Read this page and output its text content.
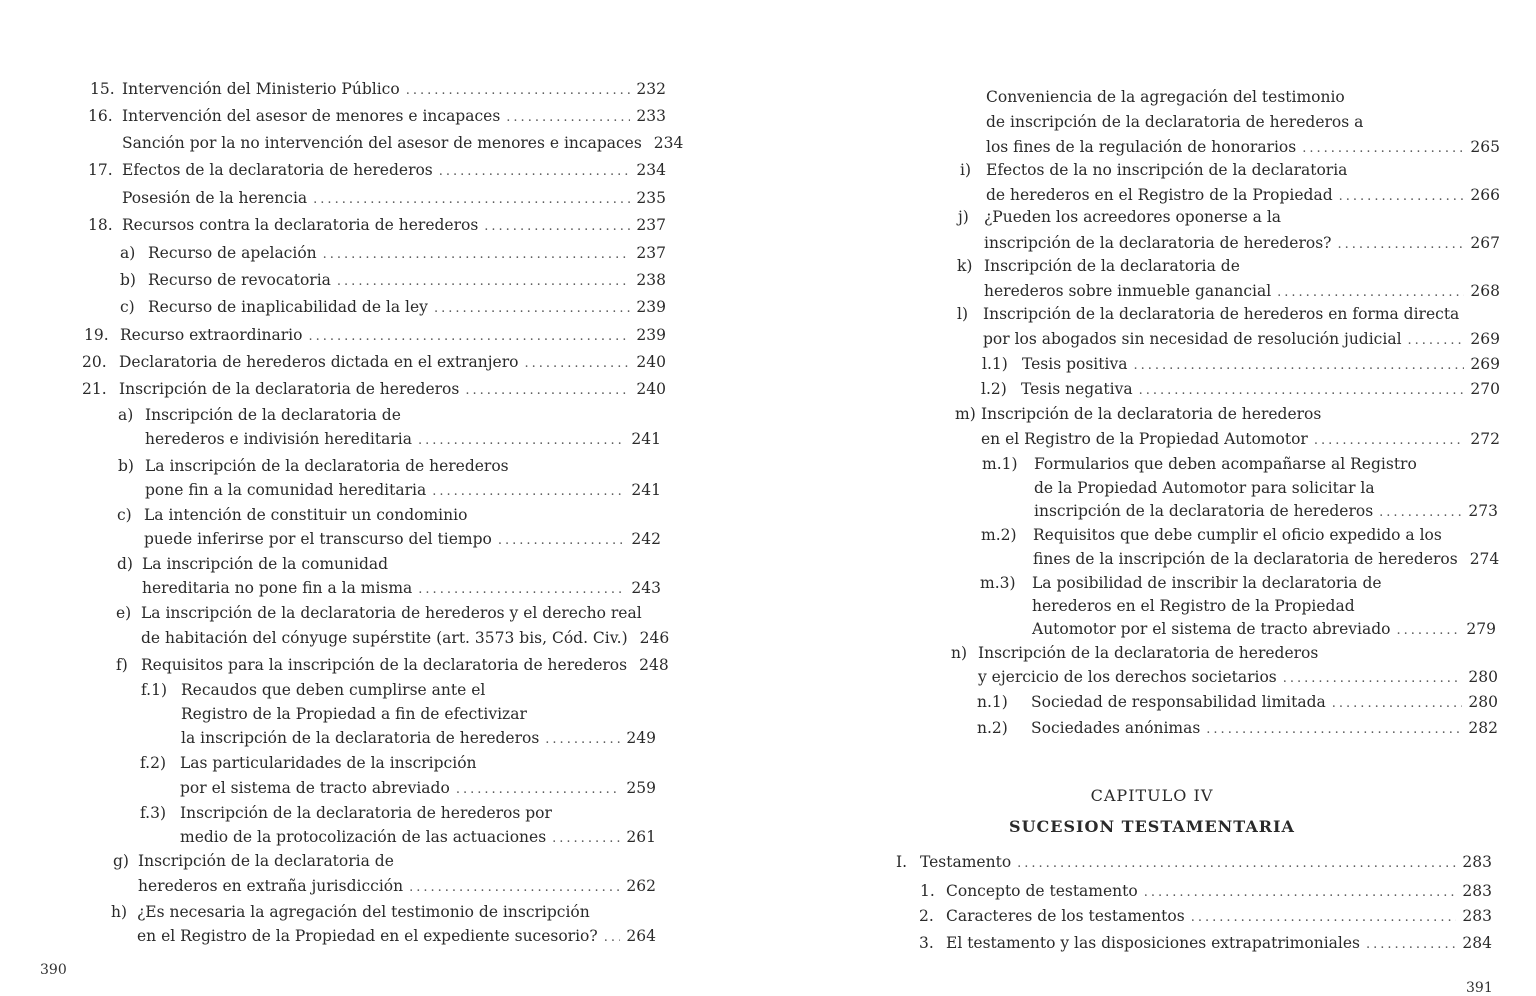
15. Intervención del Ministerio Público .....	232
16. Intervención del asesor de menores e incapaces .....	233
Sanción por la no intervención del asesor de menores e incapaces 234
17. Efectos de la declaratoria de herederos .....	234
Posesión de la herencia .....	235
18. Recursos contra la declaratoria de herederos .....	237
a) Recurso de apelación .....	237
b) Recurso de revocatoria .....	238
c) Recurso de inaplicabilidad de la ley .....	239
19. Recurso extraordinario .....	239
20. Declaratoria de herederos dictada en el extranjero .....	240
21. Inscripción de la declaratoria de herederos .....	240
a) Inscripción de la declaratoria de
herederos e indivisión hereditaria .....	241
b) La inscripción de la declaratoria de herederos
pone fin a la comunidad hereditaria .....	241
c) La intención de constituir un condominio
puede inferirse por el transcurso del tiempo .....	242
d) La inscripción de la comunidad
hereditaria no pone fin a la misma .....	243
e) La inscripción de la declaratoria de herederos y el derecho real
de habitación del cónyuge supérstite (art. 3573 bis, Cód. Civ.) 246
f) Requisitos para la inscripción de la declaratoria de herederos 248
f.1) Recaudos que deben cumplirse ante el
Registro de la Propiedad a fin de efectivizar
la inscripción de la declaratoria de herederos .....	249
f.2) Las particularidades de la inscripción
por el sistema de tracto abreviado .....	259
f.3) Inscripción de la declaratoria de herederos por
medio de la protocolización de las actuaciones .....	261
g) Inscripción de la declaratoria de
herederos en extraña jurisdicción .....	262
h) ¿Es necesaria la agregación del testimonio de inscripción
en el Registro de la Propiedad en el expediente sucesorio? ..... 264
390
Conveniencia de la agregación del testimonio
de inscripción de la declaratoria de herederos a
los fines de la regulación de honorarios .....	265
i) Efectos de la no inscripción de la declaratoria
de herederos en el Registro de la Propiedad .....	266
j) ¿Pueden los acreedores oponerse a la
inscripción de la declaratoria de herederos? .....	267
k) Inscripción de la declaratoria de
herederos sobre inmueble ganancial .....	268
l) Inscripción de la declaratoria de herederos en forma directa
por los abogados sin necesidad de resolución judicial .....	269
l.1) Tesis positiva .....	269
l.2) Tesis negativa .....	270
m) Inscripción de la declaratoria de herederos
en el Registro de la Propiedad Automotor .....	272
m.1) Formularios que deben acompañarse al Registro
de la Propiedad Automotor para solicitar la
inscripción de la declaratoria de herederos .....	273
m.2) Requisitos que debe cumplir el oficio expedido a los
fines de la inscripción de la declaratoria de herederos 274
m.3) La posibilidad de inscribir la declaratoria de
herederos en el Registro de la Propiedad
Automotor por el sistema de tracto abreviado .....	279
n) Inscripción de la declaratoria de herederos
y ejercicio de los derechos societarios .....	280
n.1)	Sociedad de responsabilidad limitada .....	280
n.2)	Sociedades anónimas .....	282
CAPITULO IV
SUCESION TESTAMENTARIA
I. Testamento .....	283
1. Concepto de testamento .....	283
2. Caracteres de los testamentos .....	283
3. El testamento y las disposiciones extrapatrimoniales .....	284
391
